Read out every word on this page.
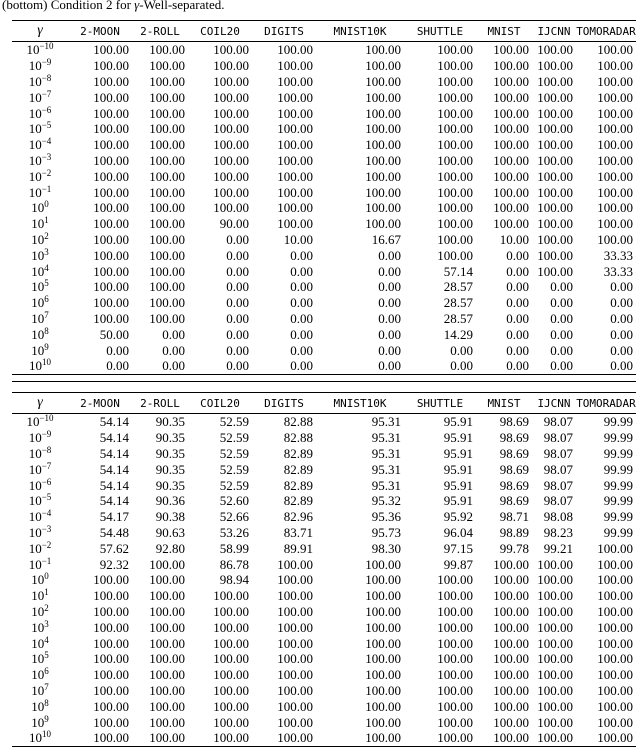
(bottom) Condition 2 for γ-Well-separated.
γ	2-MOON	2-ROLL	COIL20	DIGITS	MNIST10K	SHUTTLE	MNIST	IJCNN	TOMORADAR
$10^{-10}$	100.00	100.00	100.00	100.00	100.00	100.00	100.00	100.00	100.00
$10^{-9}$	100.00	100.00	100.00	100.00	100.00	100.00	100.00	100.00	100.00
$10^{-8}$	100.00	100.00	100.00	100.00	100.00	100.00	100.00	100.00	100.00
$10^{-7}$	100.00	100.00	100.00	100.00	100.00	100.00	100.00	100.00	100.00
$10^{-6}$	100.00	100.00	100.00	100.00	100.00	100.00	100.00	100.00	100.00
$10^{-5}$	100.00	100.00	100.00	100.00	100.00	100.00	100.00	100.00	100.00
$10^{-4}$	100.00	100.00	100.00	100.00	100.00	100.00	100.00	100.00	100.00
$10^{-3}$	100.00	100.00	100.00	100.00	100.00	100.00	100.00	100.00	100.00
$10^{-2}$	100.00	100.00	100.00	100.00	100.00	100.00	100.00	100.00	100.00
$10^{-1}$	100.00	100.00	100.00	100.00	100.00	100.00	100.00	100.00	100.00
$10^0$	100.00	100.00	100.00	100.00	100.00	100.00	100.00	100.00	100.00
$10^1$	100.00	100.00	90.00	100.00	100.00	100.00	100.00	100.00	100.00
$10^2$	100.00	100.00	0.00	10.00	16.67	100.00	10.00	100.00	100.00
$10^3$	100.00	100.00	0.00	0.00	0.00	100.00	0.00	100.00	33.33
$10^4$	100.00	100.00	0.00	0.00	0.00	57.14	0.00	100.00	33.33
$10^5$	100.00	100.00	0.00	0.00	0.00	28.57	0.00	0.00	0.00
$10^6$	100.00	100.00	0.00	0.00	0.00	28.57	0.00	0.00	0.00
$10^7$	100.00	100.00	0.00	0.00	0.00	28.57	0.00	0.00	0.00
$10^8$	50.00	0.00	0.00	0.00	0.00	14.29	0.00	0.00	0.00
$10^9$	0.00	0.00	0.00	0.00	0.00	0.00	0.00	0.00	0.00
$10^{10}$	0.00	0.00	0.00	0.00	0.00	0.00	0.00	0.00	0.00
γ	2-MOON	2-ROLL	COIL20	DIGITS	MNIST10K	SHUTTLE	MNIST	IJCNN	TOMORADAR
$10^{-10}$	54.14	90.35	52.59	82.88	95.31	95.91	98.69	98.07	99.99
$10^{-9}$	54.14	90.35	52.59	82.88	95.31	95.91	98.69	98.07	99.99
$10^{-8}$	54.14	90.35	52.59	82.89	95.31	95.91	98.69	98.07	99.99
$10^{-7}$	54.14	90.35	52.59	82.89	95.31	95.91	98.69	98.07	99.99
$10^{-6}$	54.14	90.35	52.59	82.89	95.31	95.91	98.69	98.07	99.99
$10^{-5}$	54.14	90.36	52.60	82.89	95.32	95.91	98.69	98.07	99.99
$10^{-4}$	54.17	90.38	52.66	82.96	95.36	95.92	98.71	98.08	99.99
$10^{-3}$	54.48	90.63	53.26	83.71	95.73	96.04	98.89	98.23	99.99
$10^{-2}$	57.62	92.80	58.99	89.91	98.30	97.15	99.78	99.21	100.00
$10^{-1}$	92.32	100.00	86.78	100.00	100.00	99.87	100.00	100.00	100.00
$10^0$	100.00	100.00	98.94	100.00	100.00	100.00	100.00	100.00	100.00
$10^1$	100.00	100.00	100.00	100.00	100.00	100.00	100.00	100.00	100.00
$10^2$	100.00	100.00	100.00	100.00	100.00	100.00	100.00	100.00	100.00
$10^3$	100.00	100.00	100.00	100.00	100.00	100.00	100.00	100.00	100.00
$10^4$	100.00	100.00	100.00	100.00	100.00	100.00	100.00	100.00	100.00
$10^5$	100.00	100.00	100.00	100.00	100.00	100.00	100.00	100.00	100.00
$10^6$	100.00	100.00	100.00	100.00	100.00	100.00	100.00	100.00	100.00
$10^7$	100.00	100.00	100.00	100.00	100.00	100.00	100.00	100.00	100.00
$10^8$	100.00	100.00	100.00	100.00	100.00	100.00	100.00	100.00	100.00
$10^9$	100.00	100.00	100.00	100.00	100.00	100.00	100.00	100.00	100.00
$10^{10}$	100.00	100.00	100.00	100.00	100.00	100.00	100.00	100.00	100.00
